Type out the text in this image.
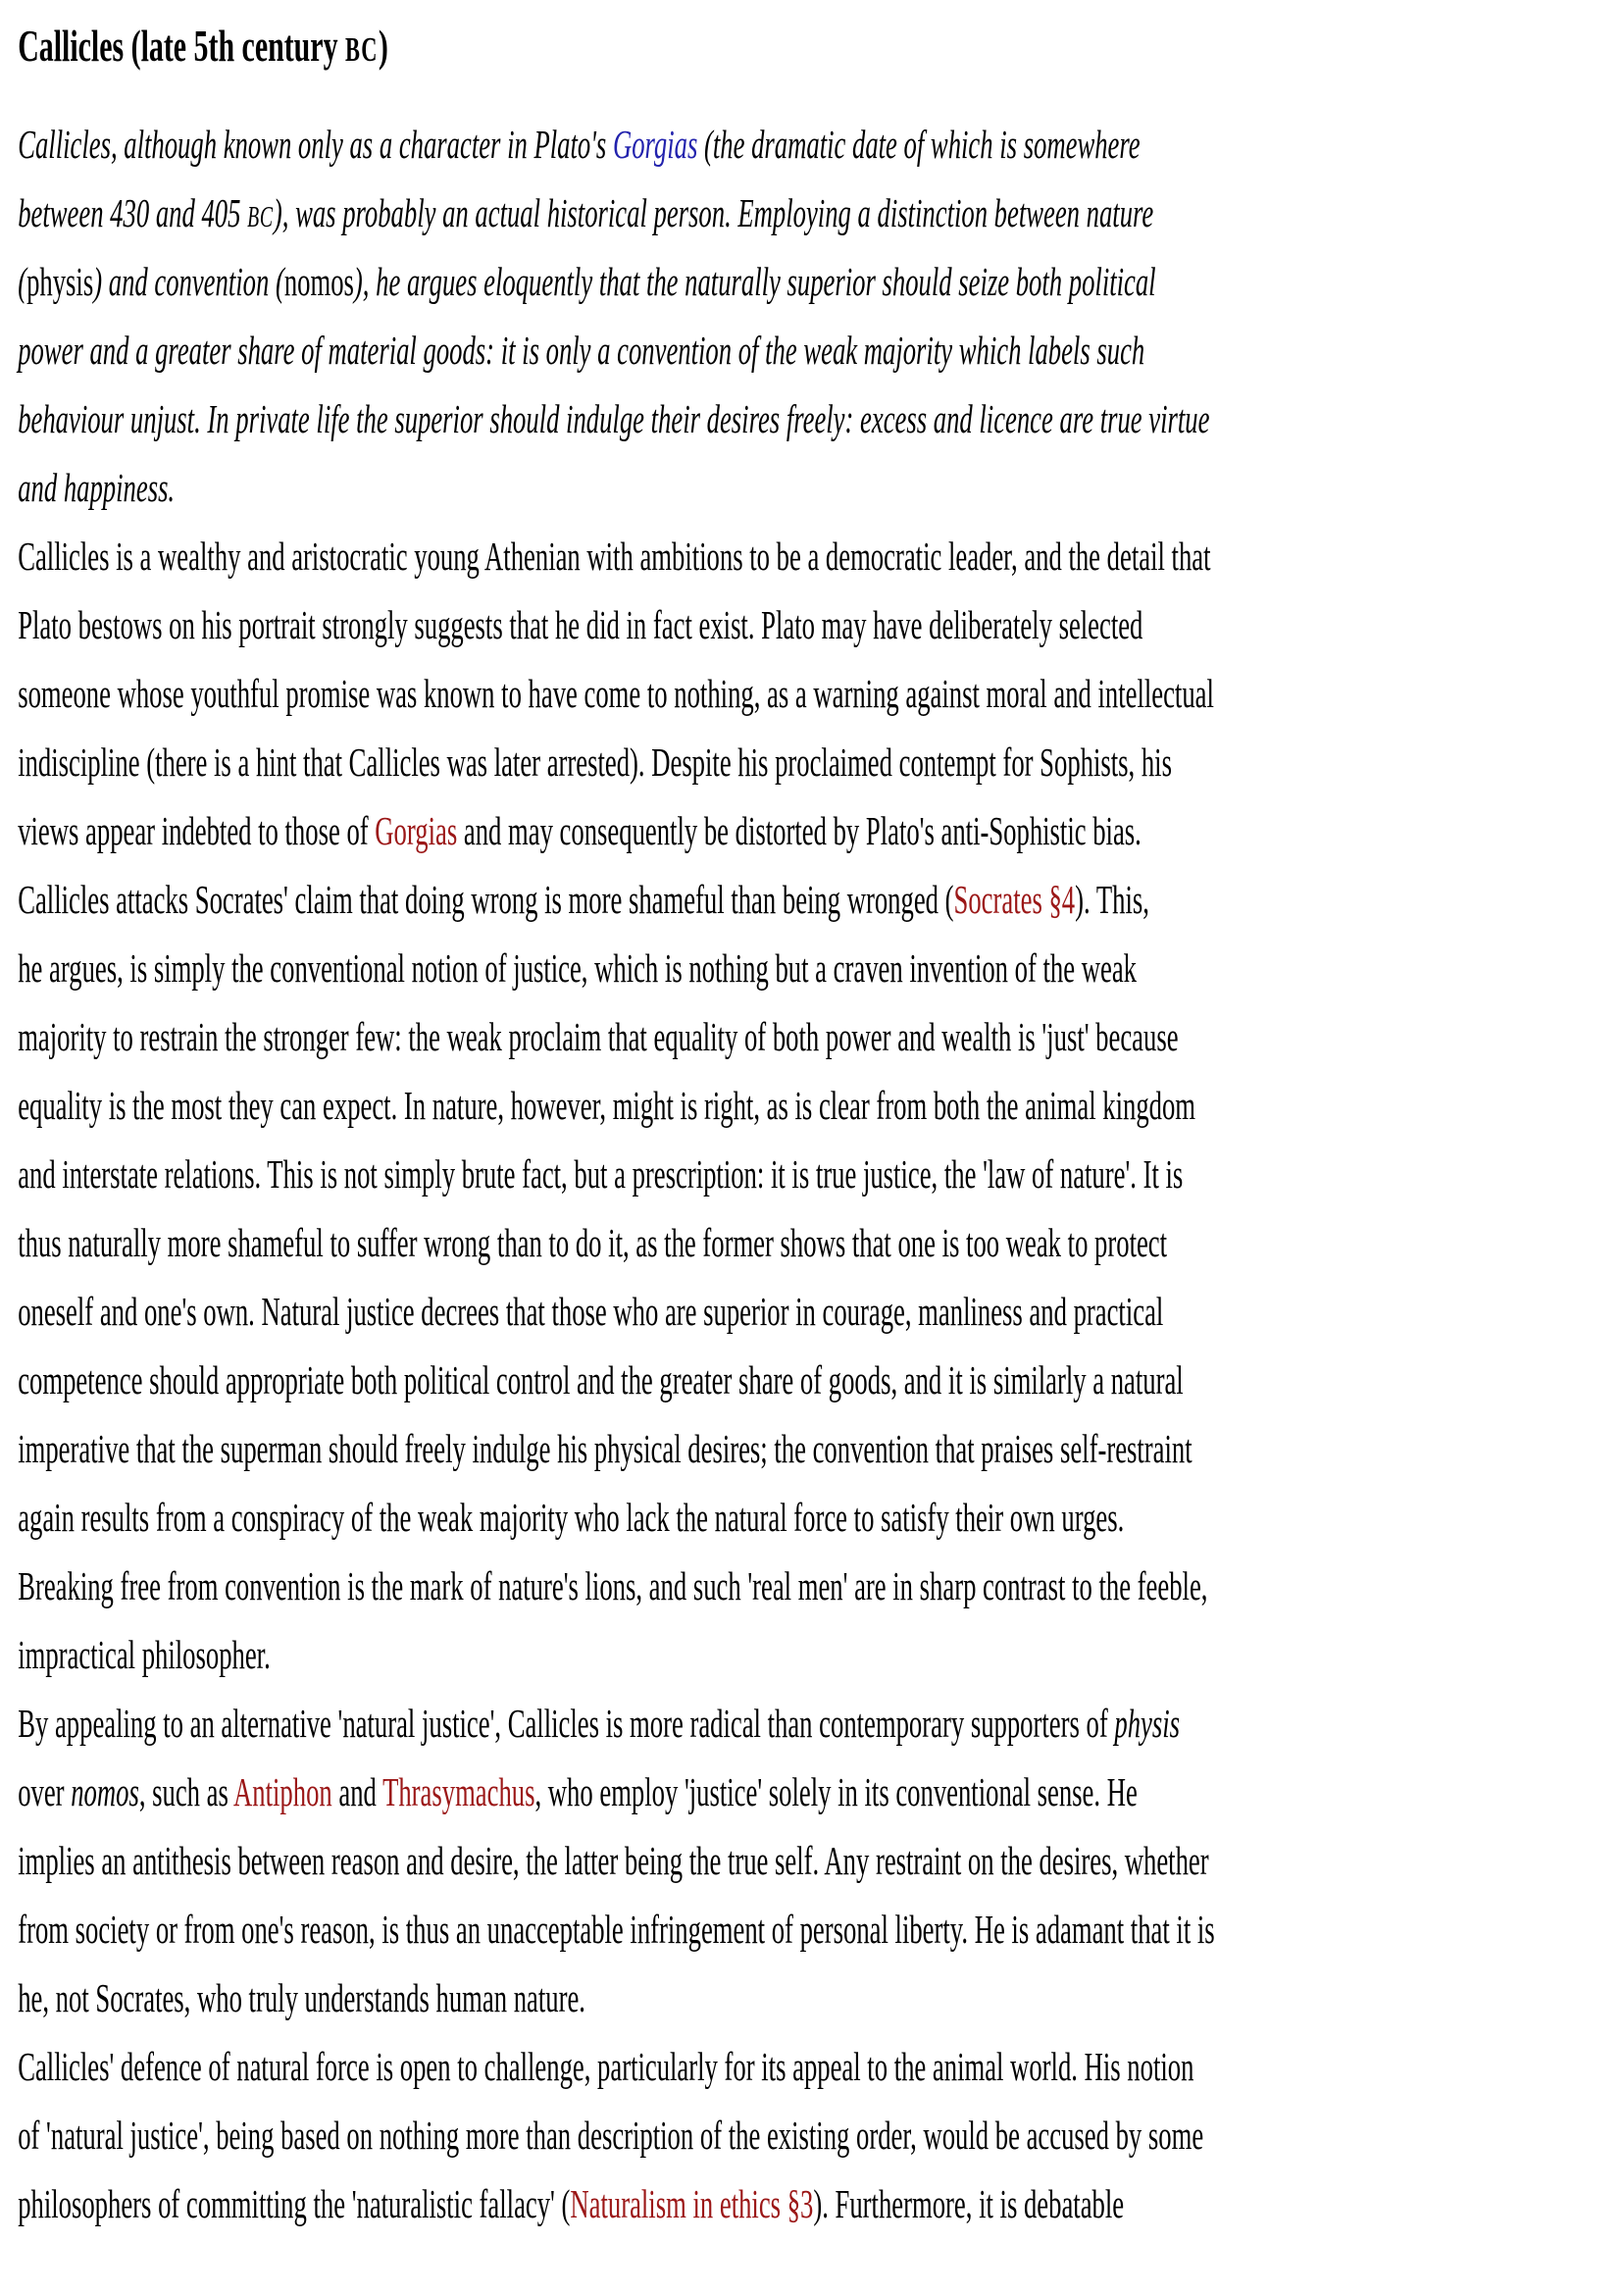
Callicles (late 5th century BC)
Callicles, although known only as a character in Plato's Gorgias (the dramatic date of which is somewhere
between 430 and 405 BC), was probably an actual historical person. Employing a distinction between nature
(physis) and convention (nomos), he argues eloquently that the naturally superior should seize both political
power and a greater share of material goods: it is only a convention of the weak majority which labels such
behaviour unjust. In private life the superior should indulge their desires freely: excess and licence are true virtue
and happiness.
Callicles is a wealthy and aristocratic young Athenian with ambitions to be a democratic leader, and the detail that
Plato bestows on his portrait strongly suggests that he did in fact exist. Plato may have deliberately selected
someone whose youthful promise was known to have come to nothing, as a warning against moral and intellectual
indiscipline (there is a hint that Callicles was later arrested). Despite his proclaimed contempt for Sophists, his
views appear indebted to those of Gorgias and may consequently be distorted by Plato's anti-Sophistic bias.
Callicles attacks Socrates' claim that doing wrong is more shameful than being wronged (Socrates §4). This,
he argues, is simply the conventional notion of justice, which is nothing but a craven invention of the weak
majority to restrain the stronger few: the weak proclaim that equality of both power and wealth is 'just' because
equality is the most they can expect. In nature, however, might is right, as is clear from both the animal kingdom
and interstate relations. This is not simply brute fact, but a prescription: it is true justice, the 'law of nature'. It is
thus naturally more shameful to suffer wrong than to do it, as the former shows that one is too weak to protect
oneself and one's own. Natural justice decrees that those who are superior in courage, manliness and practical
competence should appropriate both political control and the greater share of goods, and it is similarly a natural
imperative that the superman should freely indulge his physical desires; the convention that praises self-restraint
again results from a conspiracy of the weak majority who lack the natural force to satisfy their own urges.
Breaking free from convention is the mark of nature's lions, and such 'real men' are in sharp contrast to the feeble,
impractical philosopher.
By appealing to an alternative 'natural justice', Callicles is more radical than contemporary supporters of physis
over nomos, such as Antiphon and Thrasymachus, who employ 'justice' solely in its conventional sense. He
implies an antithesis between reason and desire, the latter being the true self. Any restraint on the desires, whether
from society or from one's reason, is thus an unacceptable infringement of personal liberty. He is adamant that it is
he, not Socrates, who truly understands human nature.
Callicles' defence of natural force is open to challenge, particularly for its appeal to the animal world. His notion
of 'natural justice', being based on nothing more than description of the existing order, would be accused by some
philosophers of committing the 'naturalistic fallacy' (Naturalism in ethics §3). Furthermore, it is debatable
